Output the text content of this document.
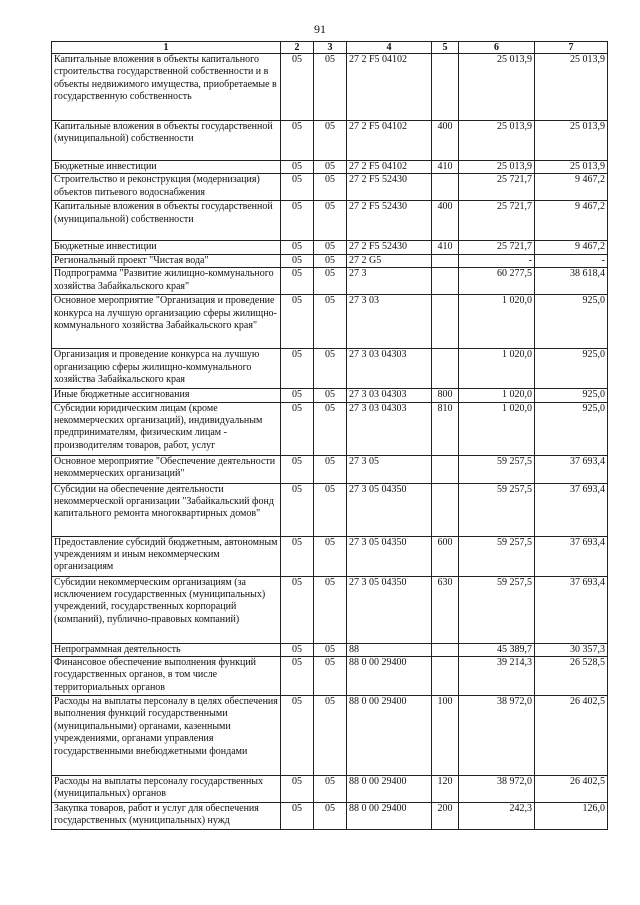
91
1	2	3	4	5	6	7
Капитальные вложения в объекты капитального строительства государственной собственности и в объекты недвижимого имущества, приобретаемые в государственную собственность	05	05	27 2 F5 04102		25 013,9	25 013,9
Капитальные вложения в объекты государственной (муниципальной) собственности	05	05	27 2 F5 04102	400	25 013,9	25 013,9
Бюджетные инвестиции	05	05	27 2 F5 04102	410	25 013,9	25 013,9
Строительство и реконструкция (модернизация) объектов питьевого водоснабжения	05	05	27 2 F5 52430		25 721,7	9 467,2
Капитальные вложения в объекты государственной (муниципальной) собственности	05	05	27 2 F5 52430	400	25 721,7	9 467,2
Бюджетные инвестиции	05	05	27 2 F5 52430	410	25 721,7	9 467,2
Региональный проект "Чистая вода"	05	05	27 2 G5		-	-
Подпрограмма "Развитие жилищно-коммунального хозяйства Забайкальского края"	05	05	27 3		60 277,5	38 618,4
Основное мероприятие "Организация и проведение конкурса на лучшую организацию сферы жилищно-коммунального хозяйства Забайкальского края"	05	05	27 3 03		1 020,0	925,0
Организация и проведение конкурса на лучшую организацию сферы жилищно-коммунального хозяйства Забайкальского края	05	05	27 3 03 04303		1 020,0	925,0
Иные бюджетные ассигнования	05	05	27 3 03 04303	800	1 020,0	925,0
Субсидии юридическим лицам (кроме некоммерческих организаций), индивидуальным предпринимателям, физическим лицам - производителям товаров, работ, услуг	05	05	27 3 03 04303	810	1 020,0	925,0
Основное мероприятие "Обеспечение деятельности некоммерческих организаций"	05	05	27 3 05		59 257,5	37 693,4
Субсидии на обеспечение деятельности некоммерческой организации "Забайкальский фонд капитального ремонта многоквартирных домов"	05	05	27 3 05 04350		59 257,5	37 693,4
Предоставление субсидий бюджетным, автономным учреждениям и иным некоммерческим организациям	05	05	27 3 05 04350	600	59 257,5	37 693,4
Субсидии некоммерческим организациям (за исключением государственных (муниципальных) учреждений, государственных корпораций (компаний), публично-правовых компаний)	05	05	27 3 05 04350	630	59 257,5	37 693,4
Непрограммная деятельность	05	05	88		45 389,7	30 357,3
Финансовое обеспечение выполнения функций государственных органов, в том числе территориальных органов	05	05	88 0 00 29400		39 214,3	26 528,5
Расходы на выплаты персоналу в целях обеспечения выполнения функций государственными (муниципальными) органами, казенными учреждениями, органами управления государственными внебюджетными фондами	05	05	88 0 00 29400	100	38 972,0	26 402,5
Расходы на выплаты персоналу государственных (муниципальных) органов	05	05	88 0 00 29400	120	38 972,0	26 402,5
Закупка товаров, работ и услуг для обеспечения государственных (муниципальных) нужд	05	05	88 0 00 29400	200	242,3	126,0
